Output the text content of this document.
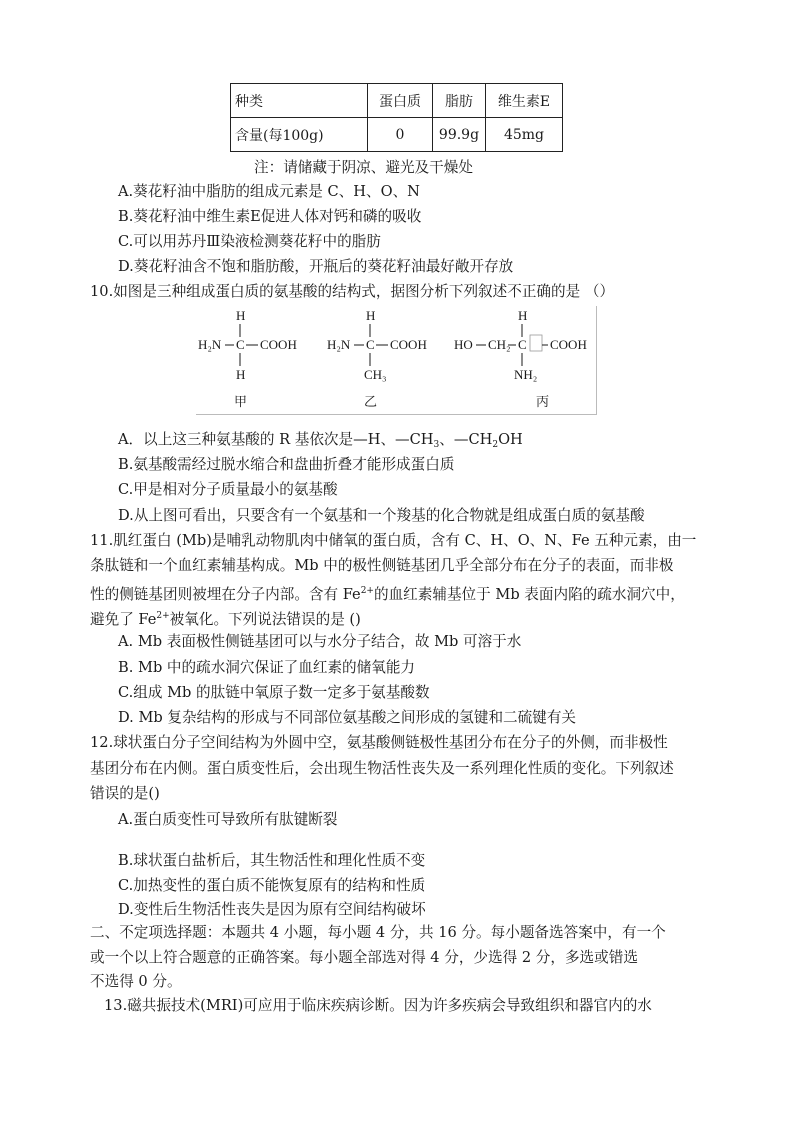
种类	蛋白质	脂肪	维生素E
含量(每100g)	0	99.9g	45mg
注：请储藏于阴凉、避光及干燥处
A.葵花籽油中脂肪的组成元素是 C、H、O、N
B.葵花籽油中维生素E促进人体对钙和磷的吸收
C.可以用苏丹Ⅲ染液检测葵花籽中的脂肪
D.葵花籽油含不饱和脂肪酸，开瓶后的葵花籽油最好敞开存放
10.如图是三种组成蛋白质的氨基酸的结构式，据图分析下列叙述不正确的是 （）
H
H₂N C COOH
H
甲
H
H₂N C COOH
CH₃
乙
H
HO CH₂ C COOH
NH₂
丙
A．以上这三种氨基酸的 R 基依次是—H、$—CH_3$、$—CH_2OH$
B.氨基酸需经过脱水缩合和盘曲折叠才能形成蛋白质
C.甲是相对分子质量最小的氨基酸
D.从上图可看出，只要含有一个氨基和一个羧基的化合物就是组成蛋白质的氨基酸
11.肌红蛋白 (Mb)是哺乳动物肌肉中储氧的蛋白质，含有 C、H、O、N、Fe 五种元素，由一
条肽链和一个血红素辅基构成。Mb 中的极性侧链基团几乎全部分布在分子的表面，而非极
性的侧链基团则被埋在分子内部。含有 $Fe^{2+}$的血红素辅基位于 Mb 表面内陷的疏水洞穴中，
避免了 $Fe^{2+}$被氧化。下列说法错误的是 ()
A. Mb 表面极性侧链基团可以与水分子结合，故 Mb 可溶于水
B. Mb 中的疏水洞穴保证了血红素的储氧能力
C.组成 Mb 的肽链中氧原子数一定多于氨基酸数
D. Mb 复杂结构的形成与不同部位氨基酸之间形成的氢键和二硫键有关
12.球状蛋白分子空间结构为外圆中空，氨基酸侧链极性基团分布在分子的外侧，而非极性
基团分布在内侧。蛋白质变性后，会出现生物活性丧失及一系列理化性质的变化。下列叙述
错误的是()
A.蛋白质变性可导致所有肽键断裂
B.球状蛋白盐析后，其生物活性和理化性质不变
C.加热变性的蛋白质不能恢复原有的结构和性质
D.变性后生物活性丧失是因为原有空间结构破坏
二、不定项选择题：本题共 4 小题，每小题 4 分，共 16 分。每小题备选答案中，有一个
或一个以上符合题意的正确答案。每小题全部选对得 4 分，少选得 2 分，多选或错选
不选得 0 分。
13.磁共振技术(MRI)可应用于临床疾病诊断。因为许多疾病会导致组织和器官内的水
